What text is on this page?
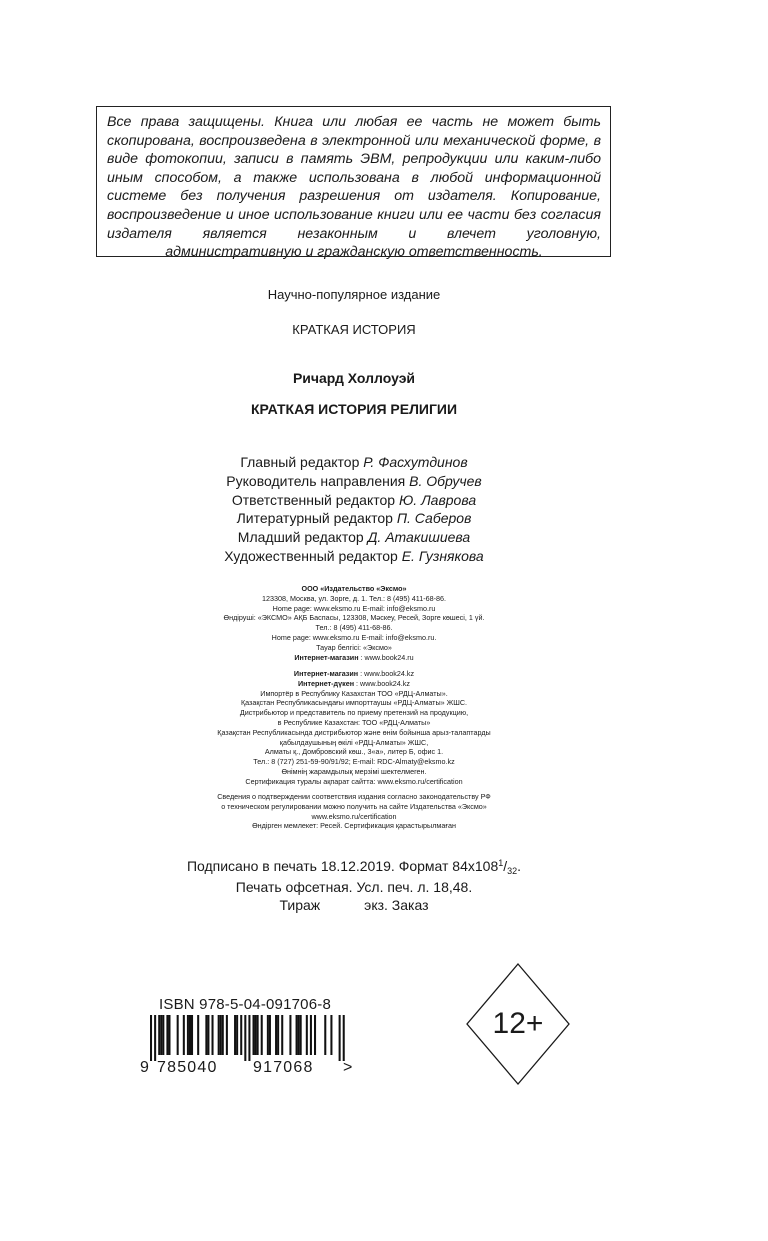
Все права защищены. Книга или любая ее часть не может быть скопирована, воспроизведена в электронной или механической форме, в виде фотокопии, записи в память ЭВМ, репродукции или каким-либо иным способом, а также использована в любой информационной системе без получения разрешения от издателя. Копирование, воспроизведение и иное использование книги или ее части без согласия издателя является незаконным и влечет уголовную, административную и гражданскую ответственность.

Научно-популярное издание

КРАТКАЯ ИСТОРИЯ

Ричард Холлоуэй

КРАТКАЯ ИСТОРИЯ РЕЛИГИИ

Главный редактор Р. Фасхутдинов
Руководитель направления В. Обручев
Ответственный редактор Ю. Лаврова
Литературный редактор П. Саберов
Младший редактор Д. Атакишиева
Художественный редактор Е. Гузнякова
ООО «Издательство «Эксмо»
123308, Москва, ул. Зорге, д. 1. Тел.: 8 (495) 411-68-86.
Home page: www.eksmo.ru E-mail: info@eksmo.ru
Өндіруші: «ЭКСМО» АҚБ Баспасы, 123308, Мәскеу, Ресей, Зорге көшесі, 1 үй.
Тел.: 8 (495) 411-68-86.
Home page: www.eksmo.ru E-mail: info@eksmo.ru.
Тауар белгісі: «Эксмо»
Интернет-магазин : www.book24.ru
Интернет-магазин : www.book24.kz
Интернет-дүкен : www.book24.kz
Импортёр в Республику Казахстан ТОО «РДЦ-Алматы».
Қазақстан Республикасындағы импорттаушы «РДЦ-Алматы» ЖШС.
Дистрибьютор и представитель по приему претензий на продукцию,
в Республике Казахстан: ТОО «РДЦ-Алматы»
Қазақстан Республикасында дистрибьютор және өнім бойынша арыз-талаптарды
қабылдаушының өкілі «РДЦ-Алматы» ЖШС,
Алматы қ., Домбровский көш., 3«а», литер Б, офис 1.
Тел.: 8 (727) 251-59-90/91/92; E-mail: RDC-Almaty@eksmo.kz
Өнімнің жарамдылық мерзімі шектелмеген.
Сертификация туралы ақпарат сайтта: www.eksmo.ru/certification
Сведения о подтверждении соответствия издания согласно законодательству РФ
о техническом регулировании можно получить на сайте Издательства «Эксмо»
www.eksmo.ru/certification
Өндірген мемлекет: Ресей. Сертификация қарастырылмаған
Подписано в печать 18.12.2019. Формат 84x1081/32.
Печать офсетная. Усл. печ. л. 18,48.
Тираж	экз. Заказ
ISBN 978-5-04-091706-8
9 785040 917068 >
12+
